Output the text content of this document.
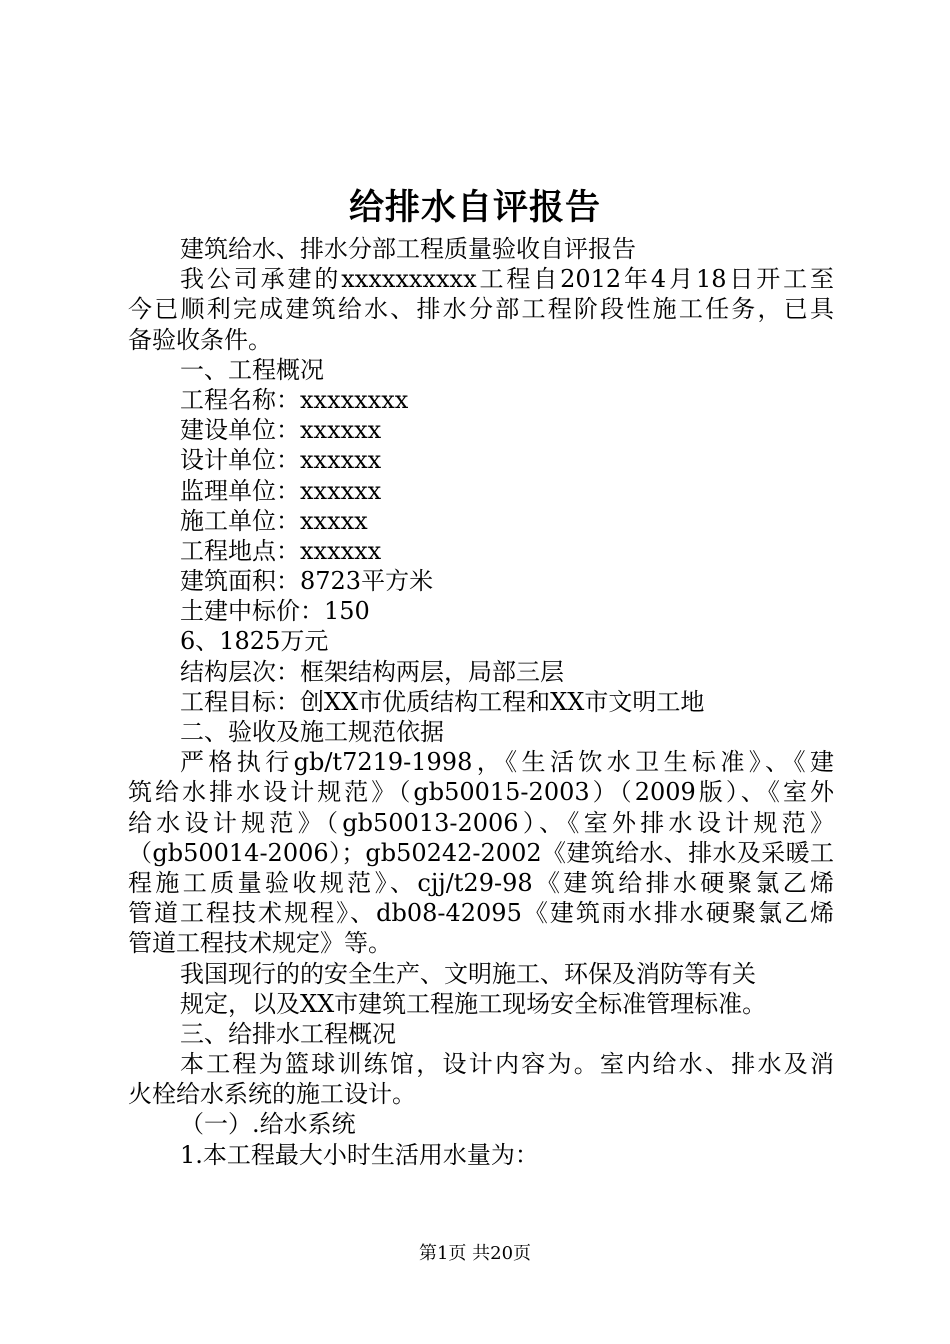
给排水自评报告
建筑给水、排水分部工程质量验收自评报告
我公司承建的xxxxxxxxxx工程自2012年4月18日开工至
今已顺利完成建筑给水、排水分部工程阶段性施工任务，已具
备验收条件。
一、工程概况
工程名称：xxxxxxxx
建设单位：xxxxxx
设计单位：xxxxxx
监理单位：xxxxxx
施工单位：xxxxx
工程地点：xxxxxx
建筑面积：8723平方米
土建中标价：150
6、1825万元
结构层次：框架结构两层，局部三层
工程目标：创XX市优质结构工程和XX市文明工地
二、验收及施工规范依据
严格执行gb/t7219-1998，《生活饮水卫生标准》、《建
筑给水排水设计规范》（gb50015-2003）（2009版）、《室外
给水设计规范》（gb50013-2006）、《室外排水设计规范》
（gb50014-2006）；gb50242-2002《建筑给水、排水及采暖工
程施工质量验收规范》、cjj/t29-98《建筑给排水硬聚氯乙烯
管道工程技术规程》、db08-42095《建筑雨水排水硬聚氯乙烯
管道工程技术规定》等。
我国现行的的安全生产、文明施工、环保及消防等有关
规定，以及XX市建筑工程施工现场安全标准管理标准。
三、给排水工程概况
本工程为篮球训练馆，设计内容为。室内给水、排水及消
火栓给水系统的施工设计。
（一）.给水系统
1.本工程最大小时生活用水量为：
第1页 共20页
